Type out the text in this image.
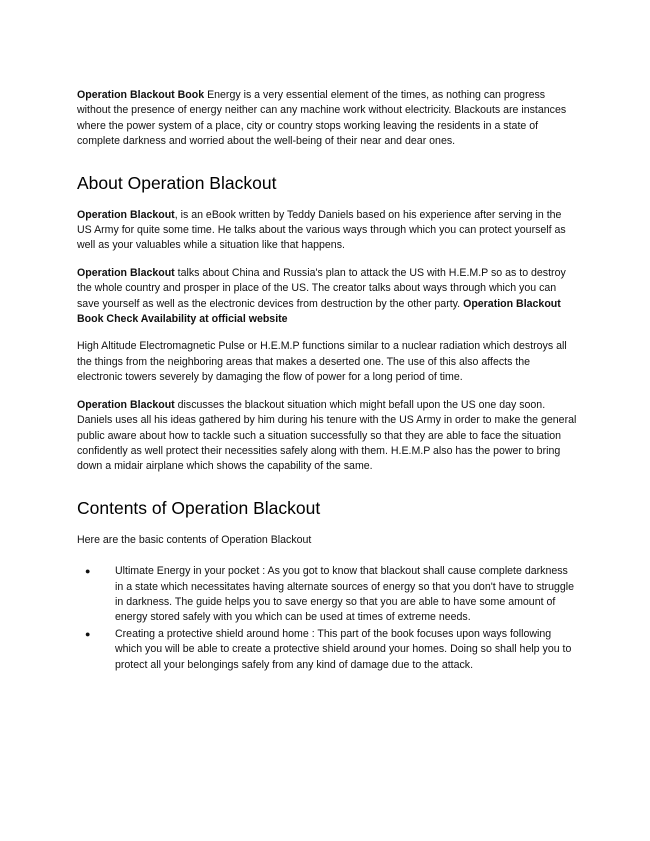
Operation Blackout Book Energy is a very essential element of the times, as nothing can progress without the presence of energy neither can any machine work without electricity. Blackouts are instances where the power system of a place, city or country stops working leaving the residents in a state of complete darkness and worried about the well-being of their near and dear ones.

About Operation Blackout

Operation Blackout, is an eBook written by Teddy Daniels based on his experience after serving in the US Army for quite some time. He talks about the various ways through which you can protect yourself as well as your valuables while a situation like that happens.

Operation Blackout talks about China and Russia's plan to attack the US with H.E.M.P so as to destroy the whole country and prosper in place of the US. The creator talks about ways through which you can save yourself as well as the electronic devices from destruction by the other party. Operation Blackout Book Check Availability at official website

High Altitude Electromagnetic Pulse or H.E.M.P functions similar to a nuclear radiation which destroys all the things from the neighboring areas that makes a deserted one. The use of this also affects the electronic towers severely by damaging the flow of power for a long period of time.

Operation Blackout discusses the blackout situation which might befall upon the US one day soon. Daniels uses all his ideas gathered by him during his tenure with the US Army in order to make the general public aware about how to tackle such a situation successfully so that they are able to face the situation confidently as well protect their necessities safely along with them. H.E.M.P also has the power to bring down a midair airplane which shows the capability of the same.

Contents of Operation Blackout

Here are the basic contents of Operation Blackout

● Ultimate Energy in your pocket : As you got to know that blackout shall cause complete darkness in a state which necessitates having alternate sources of energy so that you don't have to struggle in darkness. The guide helps you to save energy so that you are able to have some amount of energy stored safely with you which can be used at times of extreme needs.
● Creating a protective shield around home : This part of the book focuses upon ways following which you will be able to create a protective shield around your homes. Doing so shall help you to protect all your belongings safely from any kind of damage due to the attack.
